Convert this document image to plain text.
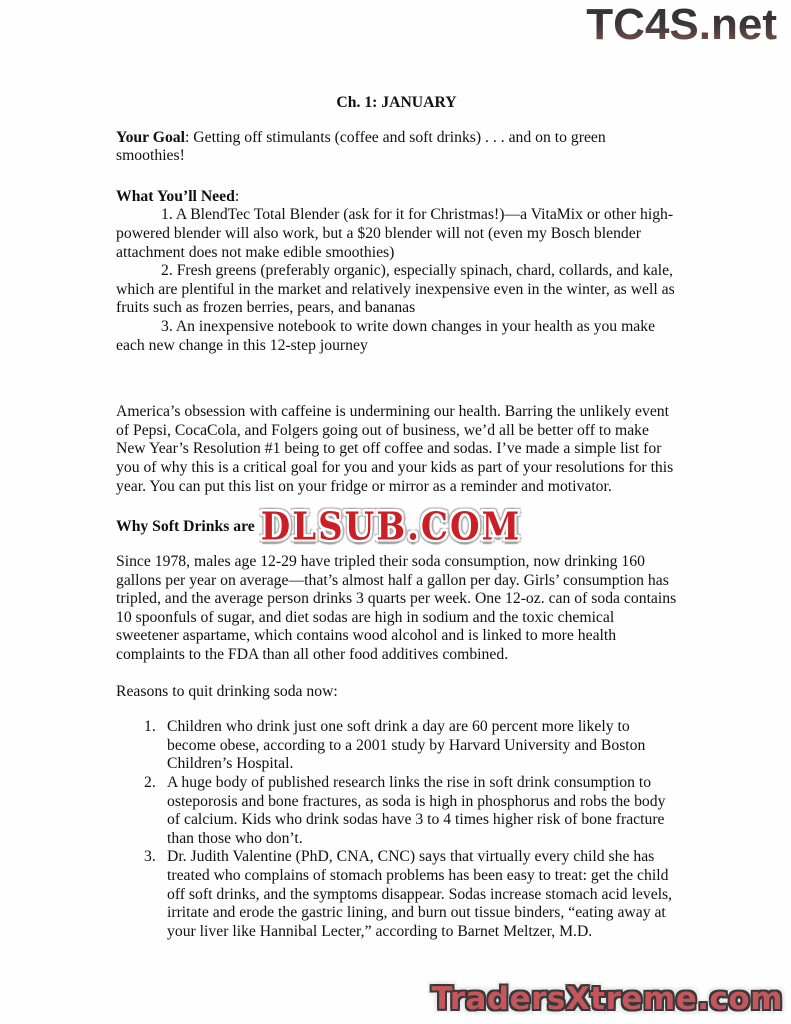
TC4S.net

Ch. 1: JANUARY

Your Goal: Getting off stimulants (coffee and soft drinks) . . . and on to green smoothies!

What You’ll Need:

1. A BlendTec Total Blender (ask for it for Christmas!)—a VitaMix or other high-powered blender will also work, but a $20 blender will not (even my Bosch blender attachment does not make edible smoothies)

2. Fresh greens (preferably organic), especially spinach, chard, collards, and kale, which are plentiful in the market and relatively inexpensive even in the winter, as well as fruits such as frozen berries, pears, and bananas

3. An inexpensive notebook to write down changes in your health as you make each new change in this 12-step journey

America’s obsession with caffeine is undermining our health. Barring the unlikely event of Pepsi, CocaCola, and Folgers going out of business, we’d all be better off to make New Year’s Resolution #1 being to get off coffee and sodas. I’ve made a simple list for you of why this is a critical goal for you and your kids as part of your resolutions for this year. You can put this list on your fridge or mirror as a reminder and motivator.

Why Soft Drinks are DLSUB.COM

Since 1978, males age 12-29 have tripled their soda consumption, now drinking 160 gallons per year on average—that’s almost half a gallon per day. Girls’ consumption has tripled, and the average person drinks 3 quarts per week. One 12-oz. can of soda contains 10 spoonfuls of sugar, and diet sodas are high in sodium and the toxic chemical sweetener aspartame, which contains wood alcohol and is linked to more health complaints to the FDA than all other food additives combined.

Reasons to quit drinking soda now:

1. Children who drink just one soft drink a day are 60 percent more likely to become obese, according to a 2001 study by Harvard University and Boston Children’s Hospital.
2. A huge body of published research links the rise in soft drink consumption to osteporosis and bone fractures, as soda is high in phosphorus and robs the body of calcium. Kids who drink sodas have 3 to 4 times higher risk of bone fracture than those who don’t.
3. Dr. Judith Valentine (PhD, CNA, CNC) says that virtually every child she has treated who complains of stomach problems has been easy to treat: get the child off soft drinks, and the symptoms disappear. Sodas increase stomach acid levels, irritate and erode the gastric lining, and burn out tissue binders, “eating away at your liver like Hannibal Lecter,” according to Barnet Meltzer, M.D.
TradersXtreme.com
